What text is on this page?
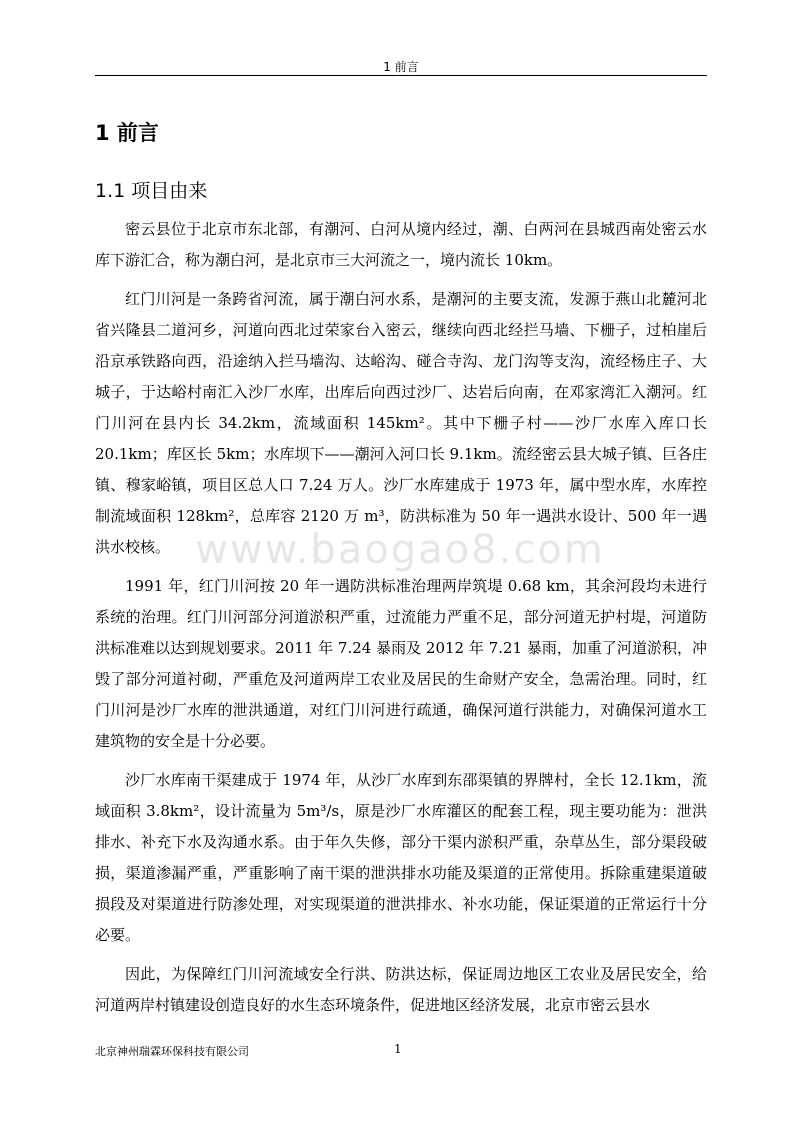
1 前言
1 前言
1.1 项目由来

密云县位于北京市东北部，有潮河、白河从境内经过，潮、白两河在县城西南处密云水库下游汇合，称为潮白河，是北京市三大河流之一，境内流长 10km。

红门川河是一条跨省河流，属于潮白河水系，是潮河的主要支流，发源于燕山北麓河北省兴隆县二道河乡，河道向西北过荣家台入密云，继续向西北经拦马墙、下栅子，过柏崖后沿京承铁路向西，沿途纳入拦马墙沟、达峪沟、碰合寺沟、龙门沟等支沟，流经杨庄子、大城子，于达峪村南汇入沙厂水库，出库后向西过沙厂、达岩后向南，在邓家湾汇入潮河。红门川河在县内长 34.2km，流域面积 145km²。其中下栅子村——沙厂水库入库口长 20.1km；库区长 5km；水库坝下——潮河入河口长 9.1km。流经密云县大城子镇、巨各庄镇、穆家峪镇，项目区总人口 7.24 万人。沙厂水库建成于 1973 年，属中型水库，水库控制流域面积 128km²，总库容 2120 万 m³，防洪标准为 50 年一遇洪水设计、500 年一遇洪水校核。

1991 年，红门川河按 20 年一遇防洪标准治理两岸筑堤 0.68 km，其余河段均未进行系统的治理。红门川河部分河道淤积严重，过流能力严重不足，部分河道无护村堤，河道防洪标准难以达到规划要求。2011 年 7.24 暴雨及 2012 年 7.21 暴雨，加重了河道淤积，冲毁了部分河道衬砌，严重危及河道两岸工农业及居民的生命财产安全，急需治理。同时，红门川河是沙厂水库的泄洪通道，对红门川河进行疏通，确保河道行洪能力，对确保河道水工建筑物的安全是十分必要。

沙厂水库南干渠建成于 1974 年，从沙厂水库到东邵渠镇的界牌村，全长 12.1km，流域面积 3.8km²，设计流量为 5m³/s，原是沙厂水库灌区的配套工程，现主要功能为：泄洪排水、补充下水及沟通水系。由于年久失修，部分干渠内淤积严重，杂草丛生，部分渠段破损，渠道渗漏严重，严重影响了南干渠的泄洪排水功能及渠道的正常使用。拆除重建渠道破损段及对渠道进行防渗处理，对实现渠道的泄洪排水、补水功能，保证渠道的正常运行十分必要。

因此，为保障红门川河流域安全行洪、防洪达标，保证周边地区工农业及居民安全，给河道两岸村镇建设创造良好的水生态环境条件，促进地区经济发展，北京市密云县水

www.baogao8.com
北京神州瑞霖环保科技有限公司	1
